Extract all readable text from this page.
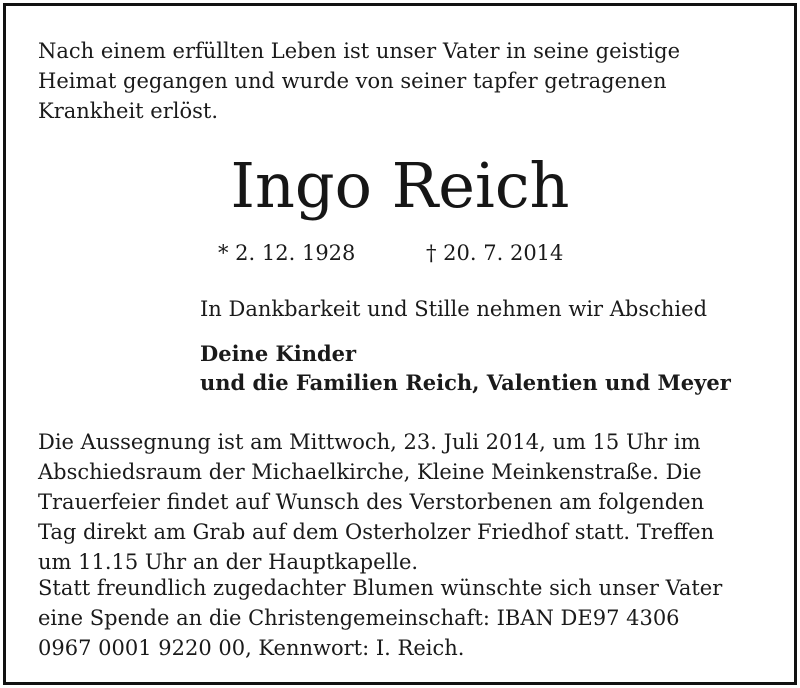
Nach einem erfüllten Leben ist unser Vater in seine geistige
Heimat gegangen und wurde von seiner tapfer getragenen
Krankheit erlöst.
Ingo Reich
* 2. 12. 1928	† 20. 7. 2014
In Dankbarkeit und Stille nehmen wir Abschied
Deine Kinder
und die Familien Reich, Valentien und Meyer
Die Aussegnung ist am Mittwoch, 23. Juli 2014, um 15 Uhr im
Abschiedsraum der Michaelkirche, Kleine Meinkenstraße. Die
Trauerfeier findet auf Wunsch des Verstorbenen am folgenden
Tag direkt am Grab auf dem Osterholzer Friedhof statt. Treffen
um 11.15 Uhr an der Hauptkapelle.
Statt freundlich zugedachter Blumen wünschte sich unser Vater
eine Spende an die Christengemeinschaft: IBAN DE97 4306
0967 0001 9220 00, Kennwort: I. Reich.
